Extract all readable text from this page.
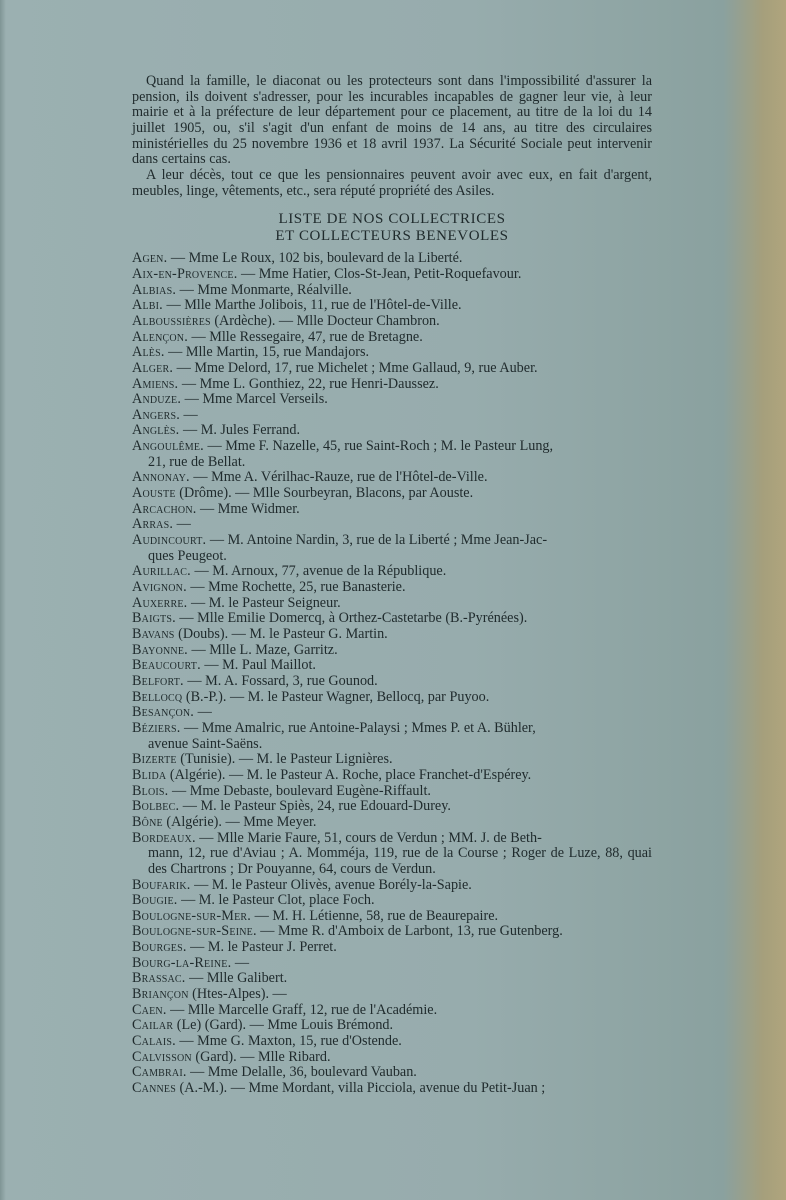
Quand la famille, le diaconat ou les protecteurs sont dans l'impossibilité d'assurer la pension, ils doivent s'adresser, pour les incurables incapables de gagner leur vie, à leur mairie et à la préfecture de leur département pour ce placement, au titre de la loi du 14 juillet 1905, ou, s'il s'agit d'un enfant de moins de 14 ans, au titre des circulaires ministérielles du 25 novembre 1936 et 18 avril 1937. La Sécurité Sociale peut intervenir dans certains cas.

A leur décès, tout ce que les pensionnaires peuvent avoir avec eux, en fait d'argent, meubles, linge, vêtements, etc., sera réputé propriété des Asiles.

LISTE DE NOS COLLECTRICES
ET COLLECTEURS BENEVOLES

Agen. — Mme Le Roux, 102 bis, boulevard de la Liberté.

Aix-en-Provence. — Mme Hatier, Clos-St-Jean, Petit-Roquefavour.

Albias. — Mme Monmarte, Réalville.

Albi. — Mlle Marthe Jolibois, 11, rue de l'Hôtel-de-Ville.

Alboussières (Ardèche). — Mlle Docteur Chambron.

Alençon. — Mlle Ressegaire, 47, rue de Bretagne.

Alès. — Mlle Martin, 15, rue Mandajors.

Alger. — Mme Delord, 17, rue Michelet ; Mme Gallaud, 9, rue Auber.

Amiens. — Mme L. Gonthiez, 22, rue Henri-Daussez.

Anduze. — Mme Marcel Verseils.

Angers. —

Anglès. — M. Jules Ferrand.

Angoulême. — Mme F. Nazelle, 45, rue Saint-Roch ; M. le Pasteur Lung,
21, rue de Bellat.

Annonay. — Mme A. Vérilhac-Rauze, rue de l'Hôtel-de-Ville.

Aouste (Drôme). — Mlle Sourbeyran, Blacons, par Aouste.

Arcachon. — Mme Widmer.

Arras. —

Audincourt. — M. Antoine Nardin, 3, rue de la Liberté ; Mme Jean-Jac-
ques Peugeot.

Aurillac. — M. Arnoux, 77, avenue de la République.

Avignon. — Mme Rochette, 25, rue Banasterie.

Auxerre. — M. le Pasteur Seigneur.

Baigts. — Mlle Emilie Domercq, à Orthez-Castetarbe (B.-Pyrénées).

Bavans (Doubs). — M. le Pasteur G. Martin.

Bayonne. — Mlle L. Maze, Garritz.

Beaucourt. — M. Paul Maillot.

Belfort. — M. A. Fossard, 3, rue Gounod.

Bellocq (B.-P.). — M. le Pasteur Wagner, Bellocq, par Puyoo.

Besançon. —

Béziers. — Mme Amalric, rue Antoine-Palaysi ; Mmes P. et A. Bühler,
avenue Saint-Saëns.

Bizerte (Tunisie). — M. le Pasteur Lignières.

Blida (Algérie). — M. le Pasteur A. Roche, place Franchet-d'Espérey.

Blois. — Mme Debaste, boulevard Eugène-Riffault.

Bolbec. — M. le Pasteur Spiès, 24, rue Edouard-Durey.

Bône (Algérie). — Mme Meyer.

Bordeaux. — Mlle Marie Faure, 51, cours de Verdun ; MM. J. de Beth-
mann, 12, rue d'Aviau ; A. Momméja, 119, rue de la Course ; Roger de Luze, 88, quai des Chartrons ; Dr Pouyanne, 64, cours de Verdun.

Boufarik. — M. le Pasteur Olivès, avenue Borély-la-Sapie.

Bougie. — M. le Pasteur Clot, place Foch.

Boulogne-sur-Mer. — M. H. Létienne, 58, rue de Beaurepaire.

Boulogne-sur-Seine. — Mme R. d'Amboix de Larbont, 13, rue Gutenberg.

Bourges. — M. le Pasteur J. Perret.

Bourg-la-Reine. —

Brassac. — Mlle Galibert.

Briançon (Htes-Alpes). —

Caen. — Mlle Marcelle Graff, 12, rue de l'Académie.

Cailar (Le) (Gard). — Mme Louis Brémond.

Calais. — Mme G. Maxton, 15, rue d'Ostende.

Calvisson (Gard). — Mlle Ribard.

Cambrai. — Mme Delalle, 36, boulevard Vauban.

Cannes (A.-M.). — Mme Mordant, villa Picciola, avenue du Petit-Juan ;
